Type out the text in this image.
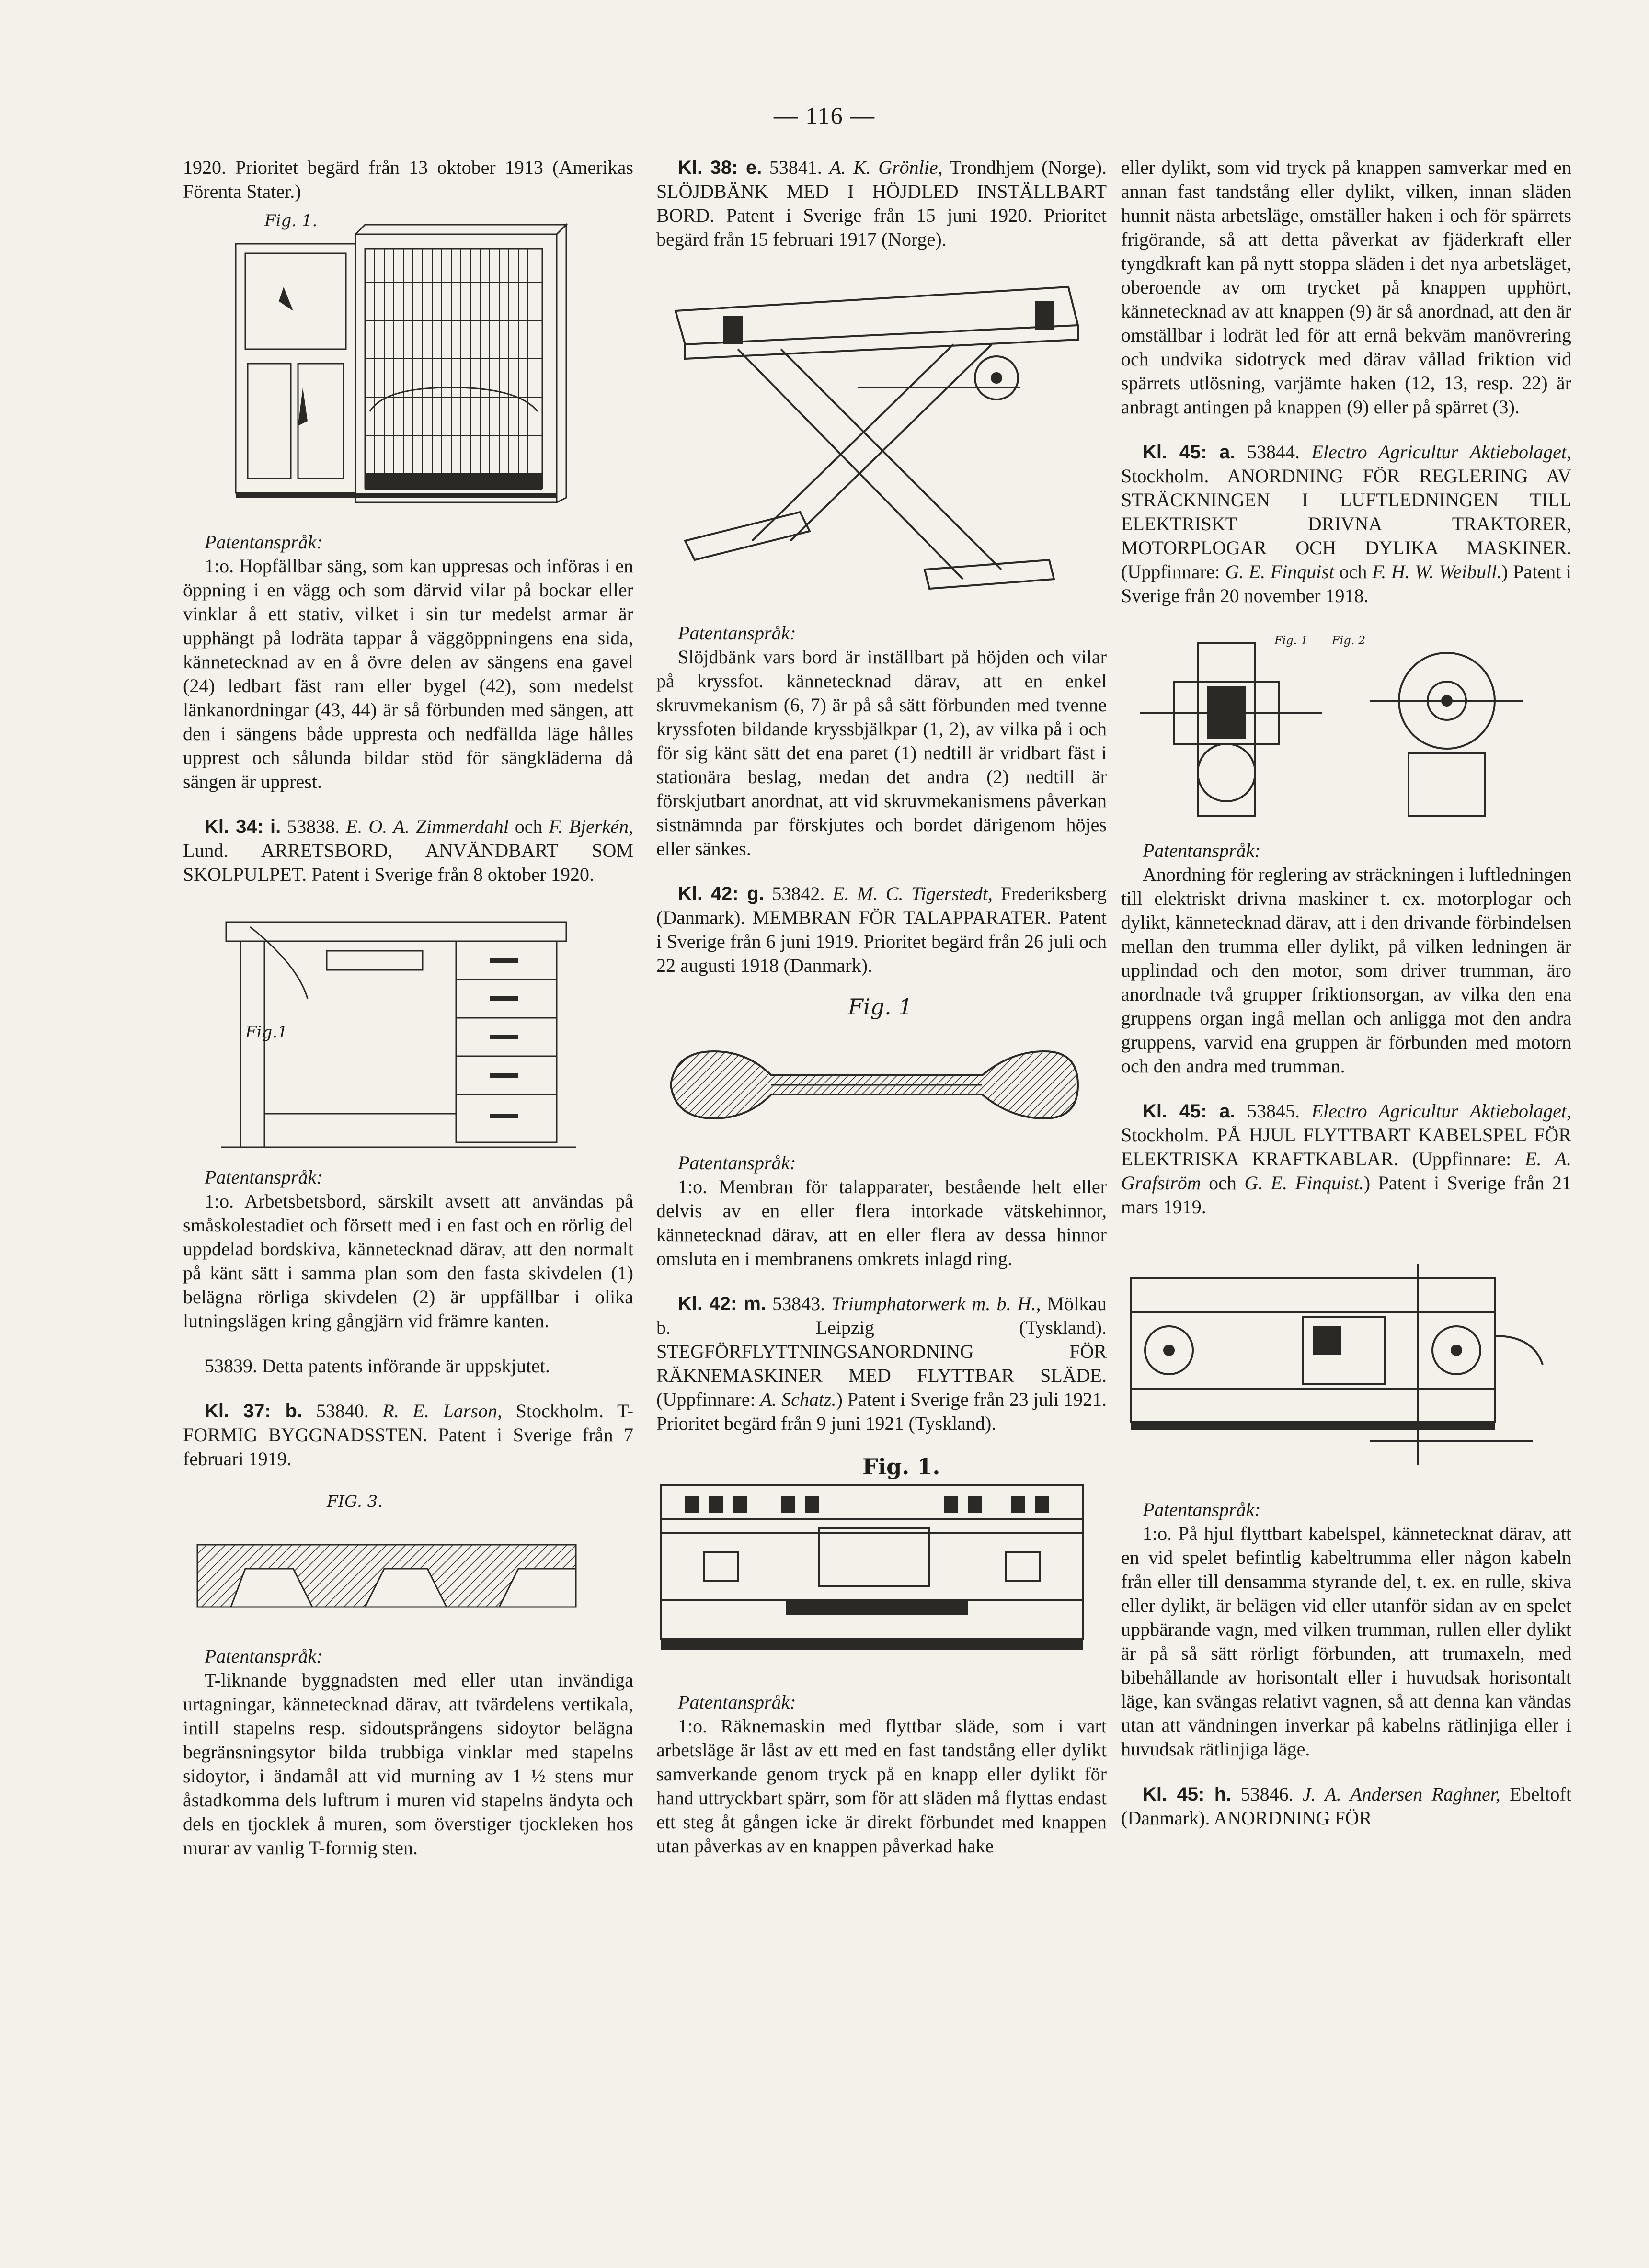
— 116 —

1920. Prioritet begärd från 13 oktober 1913 (Amerikas Förenta Stater.)

Fig. 1.

Patentanspråk:

1:o. Hopfällbar säng, som kan uppresas och införas i en öppning i en vägg och som därvid vilar på bockar eller vinklar å ett stativ, vilket i sin tur medelst armar är upphängt på lodräta tappar å väggöppningens ena sida, kännetecknad av en å övre delen av sängens ena gavel (24) ledbart fäst ram eller bygel (42), som medelst länkanordningar (43, 44) är så förbunden med sängen, att den i sängens både uppresta och nedfällda läge hålles upprest och sålunda bildar stöd för sängkläderna då sängen är upprest.

Kl. 34: i. 53838. E. O. A. Zimmerdahl och F. Bjerkén, Lund. ARRETSBORD, ANVÄNDBART SOM SKOLPULPET. Patent i Sverige från 8 oktober 1920.

Fig.1

Patentanspråk:

1:o. Arbetsbetsbord, särskilt avsett att användas på småskolestadiet och försett med i en fast och en rörlig del uppdelad bordskiva, kännetecknad därav, att den normalt på känt sätt i samma plan som den fasta skivdelen (1) belägna rörliga skivdelen (2) är uppfällbar i olika lutningslägen kring gångjärn vid främre kanten.

53839. Detta patents införande är uppskjutet.

Kl. 37: b. 53840. R. E. Larson, Stockholm. T-FORMIG BYGGNADSSTEN. Patent i Sverige från 7 februari 1919.

FIG. 3.

Patentanspråk:

T-liknande byggnadsten med eller utan invändiga urtagningar, kännetecknad därav, att tvärdelens vertikala, intill stapelns resp. sidoutsprångens sidoytor belägna begränsningsytor bilda trubbiga vinklar med stapelns sidoytor, i ändamål att vid murning av 1 ½ stens mur åstadkomma dels luftrum i muren vid stapelns ändyta och dels en tjocklek å muren, som överstiger tjockleken hos murar av vanlig T-formig sten.

Kl. 38: e. 53841. A. K. Grönlie, Trondhjem (Norge). SLÖJDBÄNK MED I HÖJDLED INSTÄLLBART BORD. Patent i Sverige från 15 juni 1920. Prioritet begärd från 15 februari 1917 (Norge).

Patentanspråk:

Slöjdbänk vars bord är inställbart på höjden och vilar på kryssfot. kännetecknad därav, att en enkel skruvmekanism (6, 7) är på så sätt förbunden med tvenne kryssfoten bildande kryssbjälkpar (1, 2), av vilka på i och för sig känt sätt det ena paret (1) nedtill är vridbart fäst i stationära beslag, medan det andra (2) nedtill är förskjutbart anordnat, att vid skruvmekanismens påverkan sistnämnda par förskjutes och bordet därigenom höjes eller sänkes.

Kl. 42: g. 53842. E. M. C. Tigerstedt, Frederiksberg (Danmark). MEMBRAN FÖR TALAPPARATER. Patent i Sverige från 6 juni 1919. Prioritet begärd från 26 juli och 22 augusti 1918 (Danmark).

Fig. 1

Patentanspråk:

1:o. Membran för talapparater, bestående helt eller delvis av en eller flera intorkade vätskehinnor, kännetecknad därav, att en eller flera av dessa hinnor omsluta en i membranens omkrets inlagd ring.

Kl. 42: m. 53843. Triumphatorwerk m. b. H., Mölkau b. Leipzig (Tyskland). STEGFÖRFLYTTNINGSANORDNING FÖR RÄKNEMASKINER MED FLYTTBAR SLÄDE. (Uppfinnare: A. Schatz.) Patent i Sverige från 23 juli 1921. Prioritet begärd från 9 juni 1921 (Tyskland).

Fig. 1.

Patentanspråk:

1:o. Räknemaskin med flyttbar släde, som i vart arbetsläge är låst av ett med en fast tandstång eller dylikt samverkande genom tryck på en knapp eller dylikt för hand uttryckbart spärr, som för att släden må flyttas endast ett steg åt gången icke är direkt förbundet med knappen utan påverkas av en knappen påverkad hake

eller dylikt, som vid tryck på knappen samverkar med en annan fast tandstång eller dylikt, vilken, innan släden hunnit nästa arbetsläge, omställer haken i och för spärrets frigörande, så att detta påverkat av fjäderkraft eller tyngdkraft kan på nytt stoppa släden i det nya arbetsläget, oberoende av om trycket på knappen upphört, kännetecknad av att knappen (9) är så anordnad, att den är omställbar i lodrät led för att ernå bekväm manövrering och undvika sidotryck med därav vållad friktion vid spärrets utlösning, varjämte haken (12, 13, resp. 22) är anbragt antingen på knappen (9) eller på spärret (3).

Kl. 45: a. 53844. Electro Agricultur Aktiebolaget, Stockholm. ANORDNING FÖR REGLERING AV STRÄCKNINGEN I LUFTLEDNINGEN TILL ELEKTRISKT DRIVNA TRAKTORER, MOTORPLOGAR OCH DYLIKA MASKINER. (Uppfinnare: G. E. Finquist och F. H. W. Weibull.) Patent i Sverige från 20 november 1918.

Fig. 1 Fig. 2

Patentanspråk:

Anordning för reglering av sträckningen i luftledningen till elektriskt drivna maskiner t. ex. motorplogar och dylikt, kännetecknad därav, att i den drivande förbindelsen mellan den trumma eller dylikt, på vilken ledningen är upplindad och den motor, som driver trumman, äro anordnade två grupper friktionsorgan, av vilka den ena gruppens organ ingå mellan och anligga mot den andra gruppens, varvid ena gruppen är förbunden med motorn och den andra med trumman.

Kl. 45: a. 53845. Electro Agricultur Aktiebolaget, Stockholm. PÅ HJUL FLYTTBART KABELSPEL FÖR ELEKTRISKA KRAFTKABLAR. (Uppfinnare: E. A. Grafström och G. E. Finquist.) Patent i Sverige från 21 mars 1919.

Patentanspråk:

1:o. På hjul flyttbart kabelspel, kännetecknat därav, att en vid spelet befintlig kabeltrumma eller någon kabeln från eller till densamma styrande del, t. ex. en rulle, skiva eller dylikt, är belägen vid eller utanför sidan av en spelet uppbärande vagn, med vilken trumman, rullen eller dylikt är på så sätt rörligt förbunden, att trumaxeln, med bibehållande av horisontalt eller i huvudsak horisontalt läge, kan svängas relativt vagnen, så att denna kan vändas utan att vändningen inverkar på kabelns rätlinjiga eller i huvudsak rätlinjiga läge.

Kl. 45: h. 53846. J. A. Andersen Raghner, Ebeltoft (Danmark). ANORDNING FÖR
